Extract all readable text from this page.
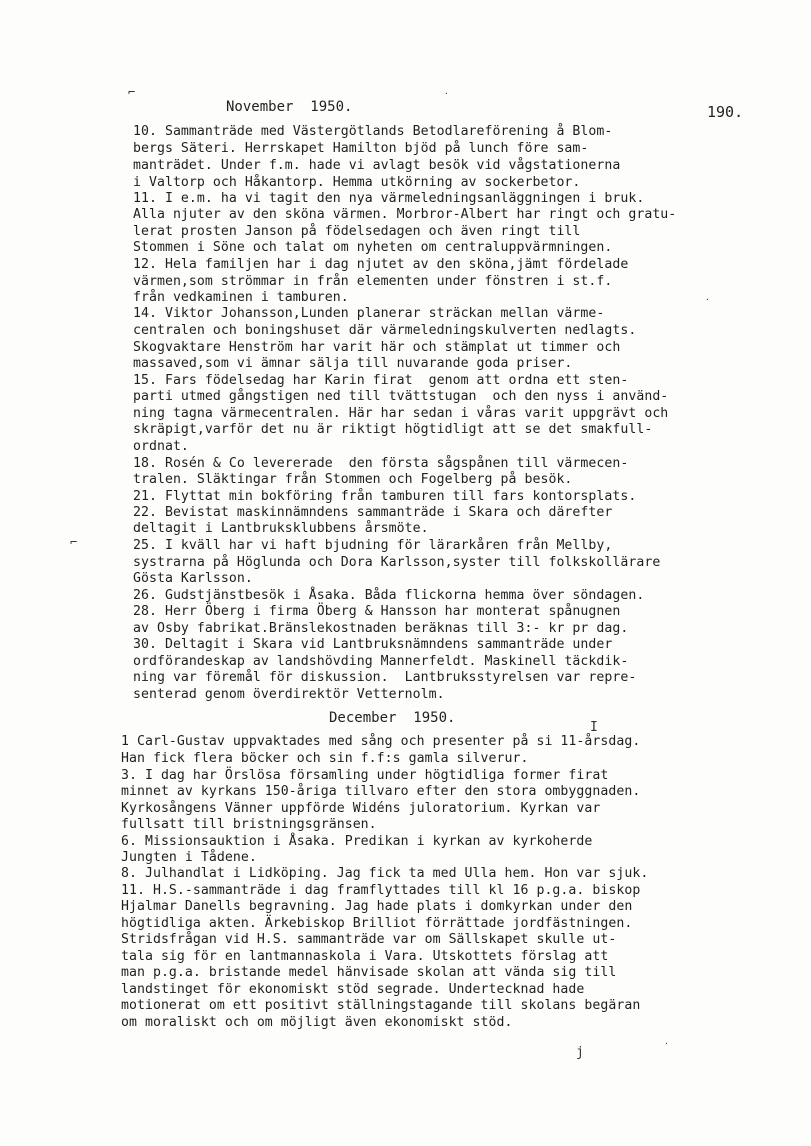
⌐	·
November  1950.	190.
10. Sammanträde med Västergötlands Betodlareförening å Blom-
bergs Säteri. Herrskapet Hamilton bjöd på lunch före sam-
manträdet. Under f.m. hade vi avlagt besök vid vågstationerna
i Valtorp och Håkantorp. Hemma utkörning av sockerbetor.
11. I e.m. ha vi tagit den nya värmeledningsanläggningen i bruk.
Alla njuter av den sköna värmen. Morbror-Albert har ringt och gratu-
lerat prosten Janson på födelsedagen och även ringt till
Stommen i Söne och talat om nyheten om centraluppvärmningen.
12. Hela familjen har i dag njutet av den sköna,jämt fördelade
värmen,som strömmar in från elementen under fönstren i st.f.
från vedkaminen i tamburen.
14. Viktor Johansson,Lunden planerar sträckan mellan värme-
centralen och boningshuset där värmeledningskulverten nedlagts.
Skogvaktare Henström har varit här och stämplat ut timmer och
massaved,som vi ämnar sälja till nuvarande goda priser.
15. Fars födelsedag har Karin firat  genom att ordna ett sten-
parti utmed gångstigen ned till tvättstugan  och den nyss i använd-
ning tagna värmecentralen. Här har sedan i våras varit uppgrävt och
skräpigt,varför det nu är riktigt högtidligt att se det smakfull-
ordnat.
18. Rosén & Co levererade  den första sågspånen till värmecen-
tralen. Släktingar från Stommen och Fogelberg på besök.
21. Flyttat min bokföring från tamburen till fars kontorsplats.
22. Bevistat maskinnämndens sammanträde i Skara och därefter
deltagit i Lantbruksklubbens årsmöte.
25. I kväll har vi haft bjudning för lärarkåren från Mellby,
systrarna på Höglunda och Dora Karlsson,syster till folkskollärare
Gösta Karlsson.
26. Gudstjänstbesök i Åsaka. Båda flickorna hemma över söndagen.
28. Herr Öberg i firma Öberg & Hansson har monterat spånugnen
av Osby fabrikat.Bränslekostnaden beräknas till 3:- kr pr dag.
30. Deltagit i Skara vid Lantbruksnämndens sammanträde under
ordförandeskap av landshövding Mannerfeldt. Maskinell täckdik-
ning var föremål för diskussion.  Lantbruksstyrelsen var repre-
senterad genom överdirektör Vetternolm.
⌐
·
December  1950.
I
1 Carl-Gustav uppvaktades med sång och presenter på si 11-årsdag.
Han fick flera böcker och sin f.f:s gamla silverur.
3. I dag har Örslösa församling under högtidliga former firat
minnet av kyrkans 150-åriga tillvaro efter den stora ombyggnaden.
Kyrkosångens Vänner uppförde Widéns juloratorium. Kyrkan var
fullsatt till bristningsgränsen.
6. Missionsauktion i Åsaka. Predikan i kyrkan av kyrkoherde
Jungten i Tådene.
8. Julhandlat i Lidköping. Jag fick ta med Ulla hem. Hon var sjuk.
11. H.S.-sammanträde i dag framflyttades till kl 16 p.g.a. biskop
Hjalmar Danells begravning. Jag hade plats i domkyrkan under den
högtidliga akten. Ärkebiskop Brilliot förrättade jordfästningen.
Stridsfrågan vid H.S. sammanträde var om Sällskapet skulle ut-
tala sig för en lantmannaskola i Vara. Utskottets förslag att
man p.g.a. bristande medel hänvisade skolan att vända sig till
landstinget för ekonomiskt stöd segrade. Undertecknad hade
motionerat om ett positivt ställningstagande till skolans begäran
om moraliskt och om möjligt även ekonomiskt stöd.
·
j
